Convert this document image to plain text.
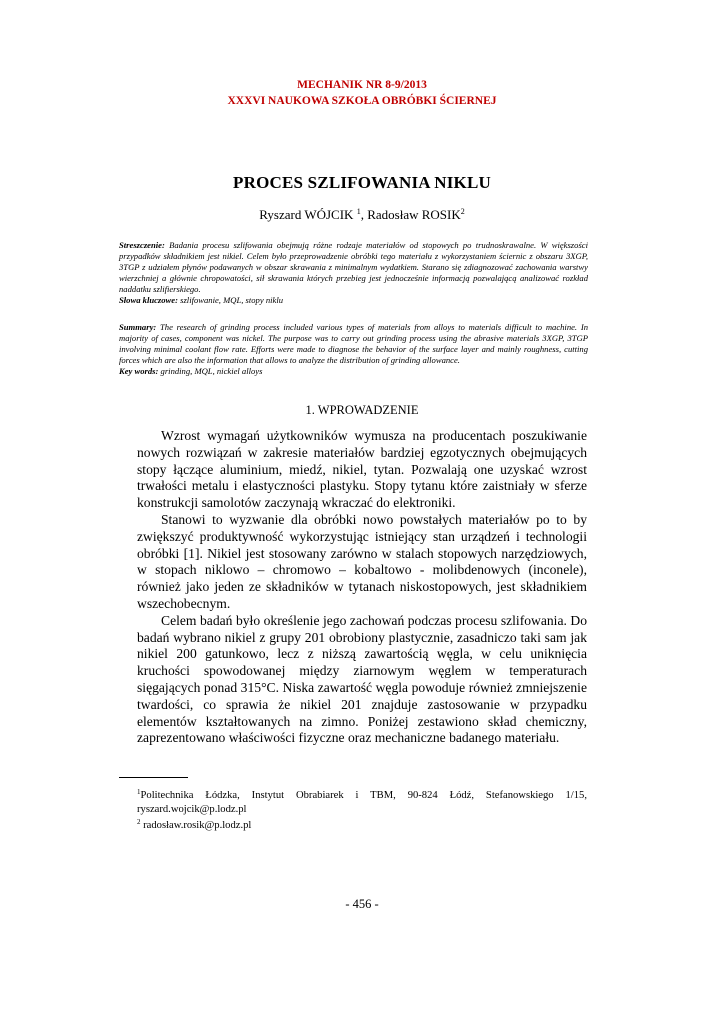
MECHANIK NR 8-9/2013
XXXVI NAUKOWA SZKOŁA OBRÓBKI ŚCIERNEJ
PROCES SZLIFOWANIA NIKLU
Ryszard WÓJCIK $^1$, Radosław ROSIK$^2$
Streszczenie: Badania procesu szlifowania obejmują różne rodzaje materiałów od stopowych po trudnoskrawalne. W większości przypadków składnikiem jest nikiel. Celem było przeprowadzenie obróbki tego materiału z wykorzystaniem ściernic z obszaru 3XGP, 3TGP z udziałem płynów podawanych w obszar skrawania z minimalnym wydatkiem. Starano się zdiagnozować zachowania warstwy wierzchniej a głównie chropowatości, sił skrawania których przebieg jest jednocześnie informacją pozwalającą analizować rozkład naddatku szlifierskiego.
Słowa kluczowe: szlifowanie, MQL, stopy niklu
Summary: The research of grinding process included various types of materials from alloys to materials difficult to machine. In majority of cases, component was nickel. The purpose was to carry out grinding process using the abrasive materials 3XGP, 3TGP involving minimal coolant flow rate. Efforts were made to diagnose the behavior of the surface layer and mainly roughness, cutting forces which are also the information that allows to analyze the distribution of grinding allowance.
Key words: grinding, MQL, nickiel alloys
1. WPROWADZENIE

Wzrost wymagań użytkowników wymusza na producentach poszukiwanie nowych rozwiązań w zakresie materiałów bardziej egzotycznych obejmujących stopy łączące aluminium, miedź, nikiel, tytan. Pozwalają one uzyskać wzrost trwałości metalu i elastyczności plastyku. Stopy tytanu które zaistniały w sferze konstrukcji samolotów zaczynają wkraczać do elektroniki.

Stanowi to wyzwanie dla obróbki nowo powstałych materiałów po to by zwiększyć produktywność wykorzystując istniejący stan urządzeń i technologii obróbki [1]. Nikiel jest stosowany zarówno w stalach stopowych narzędziowych, w stopach niklowo – chromowo – kobaltowo - molibdenowych (inconele), również jako jeden ze składników w tytanach niskostopowych, jest składnikiem wszechobecnym.

Celem badań było określenie jego zachowań podczas procesu szlifowania. Do badań wybrano nikiel z grupy 201 obrobiony plastycznie, zasadniczo taki sam jak nikiel 200 gatunkowo, lecz z niższą zawartością węgla, w celu uniknięcia kruchości spowodowanej między ziarnowym węglem w temperaturach sięgających ponad 315°C. Niska zawartość węgla powoduje również zmniejszenie twardości, co sprawia że nikiel 201 znajduje zastosowanie w przypadku elementów kształtowanych na zimno. Poniżej zestawiono skład chemiczny, zaprezentowano właściwości fizyczne oraz mechaniczne badanego materiału.

$^1$Politechnika Łódzka, Instytut Obrabiarek i TBM, 90-824 Łódź, Stefanowskiego 1/15, ryszard.wojcik@p.lodz.pl

$^2$ radosław.rosik@p.lodz.pl

- 456 -
